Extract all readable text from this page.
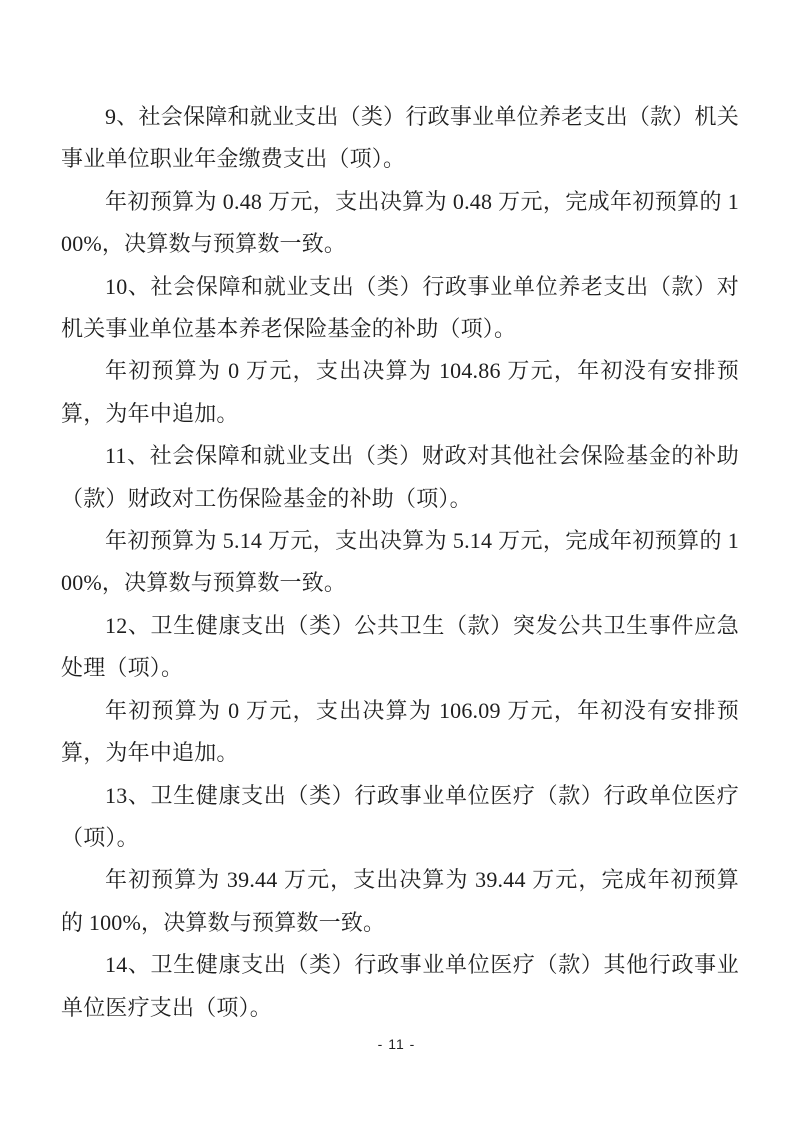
9、社会保障和就业支出（类）行政事业单位养老支出（款）机关事业单位职业年金缴费支出（项）。

年初预算为 0.48 万元，支出决算为 0.48 万元，完成年初预算的 100%，决算数与预算数一致。

10、社会保障和就业支出（类）行政事业单位养老支出（款）对机关事业单位基本养老保险基金的补助（项）。

年初预算为 0 万元，支出决算为 104.86 万元，年初没有安排预算，为年中追加。

11、社会保障和就业支出（类）财政对其他社会保险基金的补助（款）财政对工伤保险基金的补助（项）。

年初预算为 5.14 万元，支出决算为 5.14 万元，完成年初预算的 100%，决算数与预算数一致。

12、卫生健康支出（类）公共卫生（款）突发公共卫生事件应急处理（项）。

年初预算为 0 万元，支出决算为 106.09 万元，年初没有安排预算，为年中追加。

13、卫生健康支出（类）行政事业单位医疗（款）行政单位医疗（项）。

年初预算为 39.44 万元，支出决算为 39.44 万元，完成年初预算的 100%，决算数与预算数一致。

14、卫生健康支出（类）行政事业单位医疗（款）其他行政事业单位医疗支出（项）。

- 11 -
